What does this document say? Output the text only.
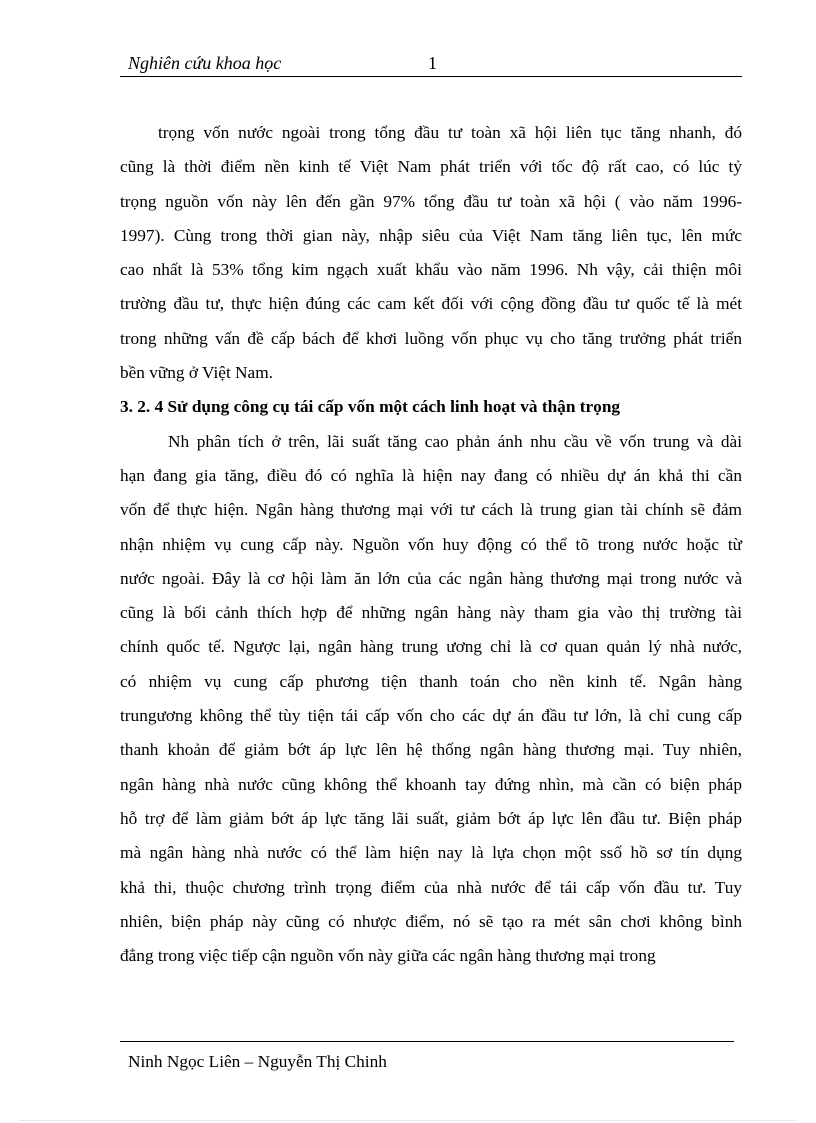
Nghiên cứu khoa học	1
trọng vốn nước ngoài trong tổng đầu tư toàn xã hội liên tục tăng nhanh, đó
cũng là thời điểm nền kinh tế Việt Nam phát triển với tốc độ rất cao, có lúc tỷ
trọng nguồn vốn này lên đến gần 97% tổng đầu tư toàn xã hội ( vào năm 1996-
1997). Cùng trong thời gian này, nhập siêu của Việt Nam tăng liên tục, lên mức
cao nhất là 53% tổng kim ngạch xuất khẩu vào năm 1996. Nh vậy, cải thiện môi
trường đầu tư, thực hiện đúng các cam kết đối với cộng đồng đầu tư quốc tế là mét
trong những vấn đề cấp bách để khơi luồng vốn phục vụ cho tăng trưởng phát triển
bền vững ở Việt Nam.
3. 2. 4 Sử dụng công cụ tái cấp vốn một cách linh hoạt và thận trọng
Nh phân tích ở trên, lãi suất tăng cao phản ánh nhu cầu về vốn trung và dài
hạn đang gia tăng, điều đó có nghĩa là hiện nay đang có nhiều dự án khả thi cần
vốn để thực hiện. Ngân hàng thương mại với tư cách là trung gian tài chính sẽ đảm
nhận nhiệm vụ cung cấp này. Nguồn vốn huy động có thể tõ trong nước hoặc từ
nước ngoài. Đây là cơ hội làm ăn lớn của các ngân hàng thương mại trong nước và
cũng là bối cảnh thích hợp để những ngân hàng này tham gia vào thị trường tài
chính quốc tế. Ngược lại, ngân hàng trung ương chỉ là cơ quan quản lý nhà nước,
có nhiệm vụ cung cấp phương tiện thanh toán cho nền kinh tế. Ngân hàng
trungương không thể tùy tiện tái cấp vốn cho các dự án đầu tư lớn, là chỉ cung cấp
thanh khoản để giảm bớt áp lực lên hệ thống ngân hàng thương mại. Tuy nhiên,
ngân hàng nhà nước cũng không thể khoanh tay đứng nhìn, mà cần có biện pháp
hỗ trợ để làm giảm bớt áp lực tăng lãi suất, giảm bớt áp lực lên đầu tư. Biện pháp
mà ngân hàng nhà nước có thể làm hiện nay là lựa chọn một ssố hồ sơ tín dụng
khả thi, thuộc chương trình trọng điểm của nhà nước để tái cấp vốn đầu tư. Tuy
nhiên, biện pháp này cũng có nhược điểm, nó sẽ tạo ra mét sân chơi không bình
đẳng trong việc tiếp cận nguồn vốn này giữa các ngân hàng thương mại trong
Ninh Ngọc Liên – Nguyễn Thị Chinh
